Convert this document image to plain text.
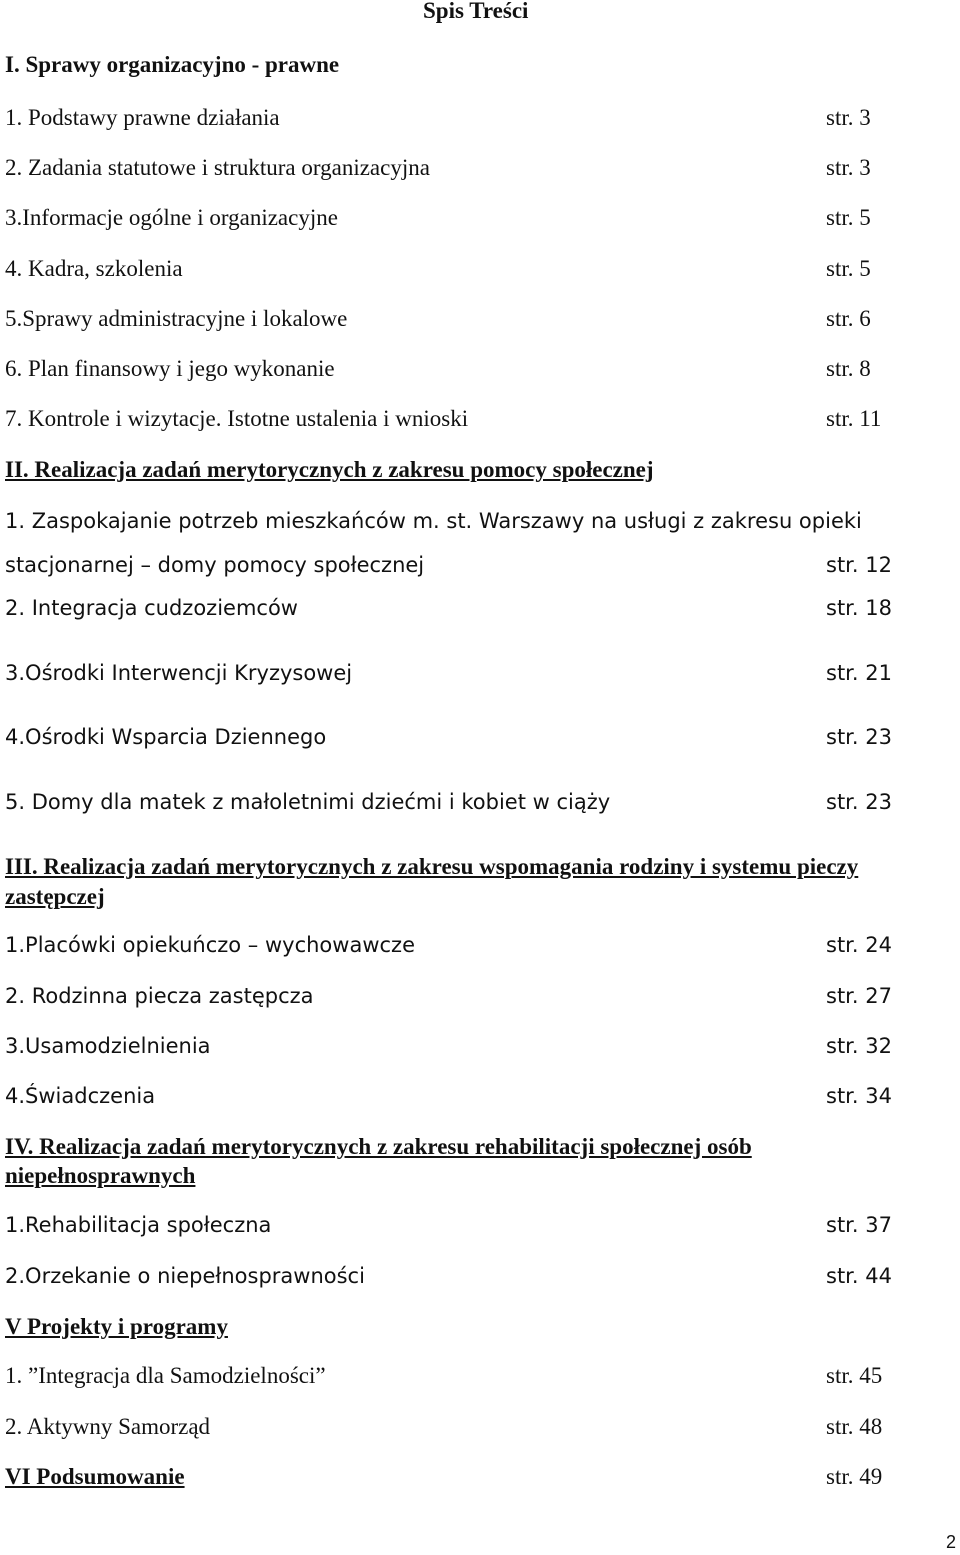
Spis Treści
I. Sprawy organizacyjno - prawne
1. Podstawy prawne działania	str. 3
2. Zadania statutowe i struktura organizacyjna	str. 3
3.Informacje ogólne i organizacyjne	str. 5
4. Kadra, szkolenia	str. 5
5.Sprawy administracyjne i lokalowe	str. 6
6. Plan finansowy i jego wykonanie	str. 8
7. Kontrole i wizytacje. Istotne ustalenia i wnioski	str. 11
II. Realizacja zadań merytorycznych z zakresu pomocy społecznej
1. Zaspokajanie potrzeb mieszkańców m. st. Warszawy na usługi z zakresu opieki
stacjonarnej – domy pomocy społecznej	str. 12
2. Integracja cudzoziemców	str. 18
3.Ośrodki Interwencji Kryzysowej	str. 21
4.Ośrodki Wsparcia Dziennego	str. 23
5. Domy dla matek z małoletnimi dziećmi i kobiet w ciąży	str. 23
III. Realizacja zadań merytorycznych z zakresu wspomagania rodziny i systemu pieczy
zastępczej
1.Placówki opiekuńczo – wychowawcze	str. 24
2. Rodzinna piecza zastępcza	str. 27
3.Usamodzielnienia	str. 32
4.Świadczenia	str. 34
IV. Realizacja zadań merytorycznych z zakresu rehabilitacji społecznej osób
niepełnosprawnych
1.Rehabilitacja społeczna	str. 37
2.Orzekanie o niepełnosprawności	str. 44
V Projekty i programy
1. ”Integracja dla Samodzielności”	str. 45
2. Aktywny Samorząd	str. 48
VI Podsumowanie	str. 49
2
